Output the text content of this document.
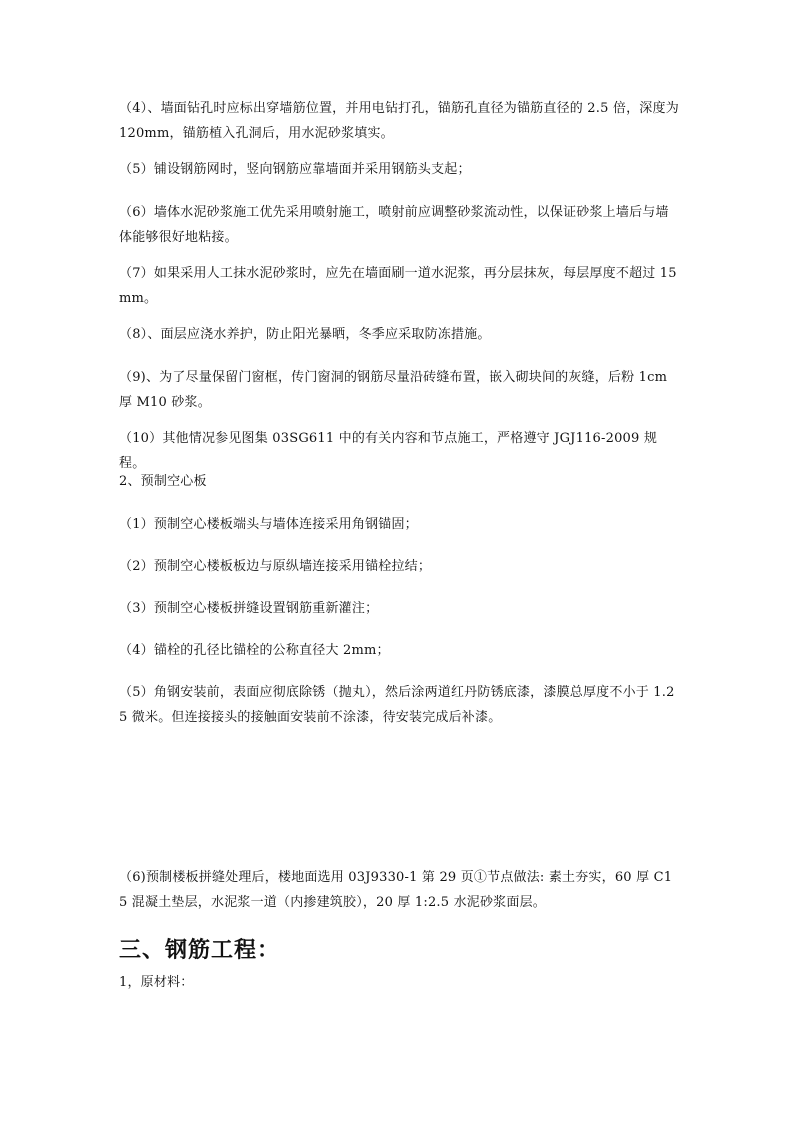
（4）、墙面钻孔时应标出穿墙筋位置，并用电钻打孔，锚筋孔直径为锚筋直径的 2.5 倍，深度为 120mm，锚筋植入孔洞后，用水泥砂浆填实。
（5）铺设钢筋网时，竖向钢筋应靠墙面并采用钢筋头支起；
（6）墙体水泥砂浆施工优先采用喷射施工，喷射前应调整砂浆流动性，以保证砂浆上墙后与墙体能够很好地粘接。
（7）如果采用人工抹水泥砂浆时，应先在墙面刷一道水泥浆，再分层抹灰，每层厚度不超过 15mm。
（8）、面层应浇水养护，防止阳光暴晒，冬季应采取防冻措施。
（9)、为了尽量保留门窗框，传门窗洞的钢筋尽量沿砖缝布置，嵌入砌块间的灰缝，后粉 1cm 厚 M10 砂浆。
（10）其他情况参见图集 03SG611 中的有关内容和节点施工，严格遵守 JGJ116-2009 规程。
2、预制空心板
（1）预制空心楼板端头与墙体连接采用角钢锚固；
（2）预制空心楼板板边与原纵墙连接采用锚栓拉结；
（3）预制空心楼板拼缝设置钢筋重新灌注；
（4）锚栓的孔径比锚栓的公称直径大 2mm；
（5）角钢安装前，表面应彻底除锈（抛丸），然后涂两道红丹防锈底漆，漆膜总厚度不小于 1.25 微米。但连接接头的接触面安装前不涂漆，待安装完成后补漆。
（6)预制楼板拼缝处理后，楼地面选用 03J9330-1 第 29 页①节点做法: 素土夯实，60 厚 C15 混凝土垫层，水泥浆一道（内掺建筑胶），20 厚 1:2.5 水泥砂浆面层。
三、钢筋工程：
1，原材料：
